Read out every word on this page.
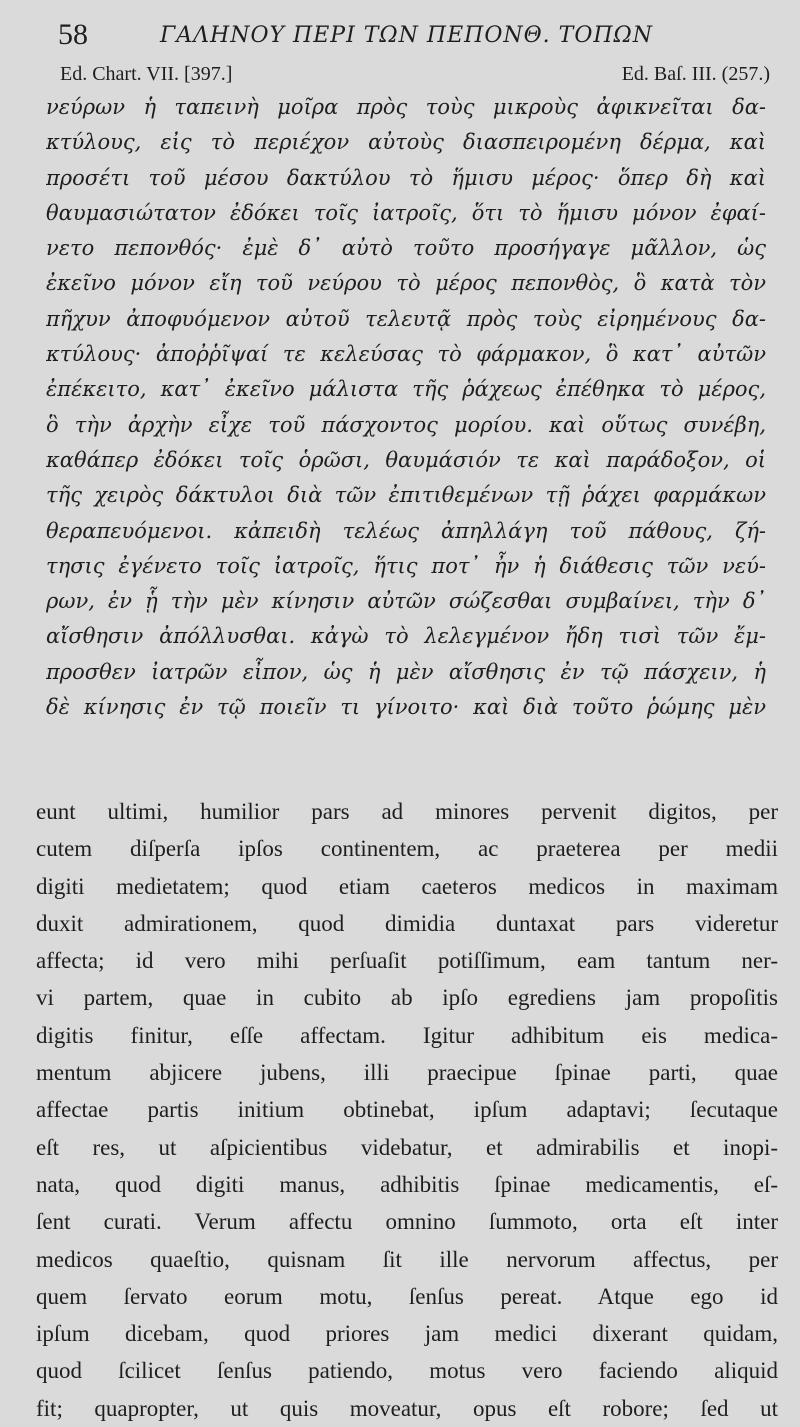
58	ΓΑΛΗΝΟΥ ΠΕΡΙ ΤΩΝ ΠΕΠΟΝΘ. ΤΟΠΩΝ
Ed. Chart. VII. [397.]	Ed. Baſ. III. (257.)
νεύρων ἡ ταπεινὴ μοῖρα πρὸς τοὺς μικροὺς ἀφικνεῖται δα-
κτύλους, εἰς τὸ περιέχον αὐτοὺς διασπειρομένη δέρμα, καὶ
προσέτι τοῦ μέσου δακτύλου τὸ ἥμισυ μέρος· ὅπερ δὴ καὶ
θαυμασιώτατον ἐδόκει τοῖς ἰατροῖς, ὅτι τὸ ἥμισυ μόνον ἐφαί-
νετο πεπονθός· ἐμὲ δ᾽ αὐτὸ τοῦτο προσήγαγε μᾶλλον, ὡς
ἐκεῖνο μόνον εἴη τοῦ νεύρου τὸ μέρος πεπονθὸς, ὃ κατὰ τὸν
πῆχυν ἀποφυόμενον αὐτοῦ τελευτᾷ πρὸς τοὺς εἰρημένους δα-
κτύλους· ἀποῤῥῖψαί τε κελεύσας τὸ φάρμακον, ὃ κατ᾽ αὐτῶν
ἐπέκειτο, κατ᾽ ἐκεῖνο μάλιστα τῆς ῥάχεως ἐπέθηκα τὸ μέρος,
ὃ τὴν ἀρχὴν εἶχε τοῦ πάσχοντος μορίου. καὶ οὕτως συνέβη,
καθάπερ ἐδόκει τοῖς ὁρῶσι, θαυμάσιόν τε καὶ παράδοξον, οἱ
τῆς χειρὸς δάκτυλοι διὰ τῶν ἐπιτιθεμένων τῇ ῥάχει φαρμάκων
θεραπευόμενοι. κἀπειδὴ τελέως ἀπηλλάγη τοῦ πάθους, ζή-
τησις ἐγένετο τοῖς ἰατροῖς, ἥτις ποτ᾽ ἦν ἡ διάθεσις τῶν νεύ-
ρων, ἐν ᾗ τὴν μὲν κίνησιν αὐτῶν σώζεσθαι συμβαίνει, τὴν δ᾽
αἴσθησιν ἀπόλλυσθαι. κἀγὼ τὸ λελεγμένον ἤδη τισὶ τῶν ἔμ-
προσθεν ἰατρῶν εἶπον, ὡς ἡ μὲν αἴσθησις ἐν τῷ πάσχειν, ἡ
δὲ κίνησις ἐν τῷ ποιεῖν τι γίνοιτο· καὶ διὰ τοῦτο ῥώμης μὲν
eunt ultimi, humilior pars ad minores pervenit digitos, per
cutem diſperſa ipſos continentem, ac praeterea per medii
digiti medietatem; quod etiam caeteros medicos in maximam
duxit admirationem, quod dimidia duntaxat pars videretur
affecta; id vero mihi perſuaſit potiſſimum, eam tantum ner-
vi partem, quae in cubito ab ipſo egrediens jam propoſitis
digitis finitur, eſſe affectam. Igitur adhibitum eis medica-
mentum abjicere jubens, illi praecipue ſpinae parti, quae
affectae partis initium obtinebat, ipſum adaptavi; ſecutaque
eſt res, ut aſpicientibus videbatur, et admirabilis et inopi-
nata, quod digiti manus, adhibitis ſpinae medicamentis, eſ-
ſent curati. Verum affectu omnino ſummoto, orta eſt inter
medicos quaeſtio, quisnam ſit ille nervorum affectus, per
quem ſervato eorum motu, ſenſus pereat. Atque ego id
ipſum dicebam, quod priores jam medici dixerant quidam,
quod ſcilicet ſenſus patiendo, motus vero faciendo aliquid
fit; quapropter, ut quis moveatur, opus eſt robore; ſed ut
